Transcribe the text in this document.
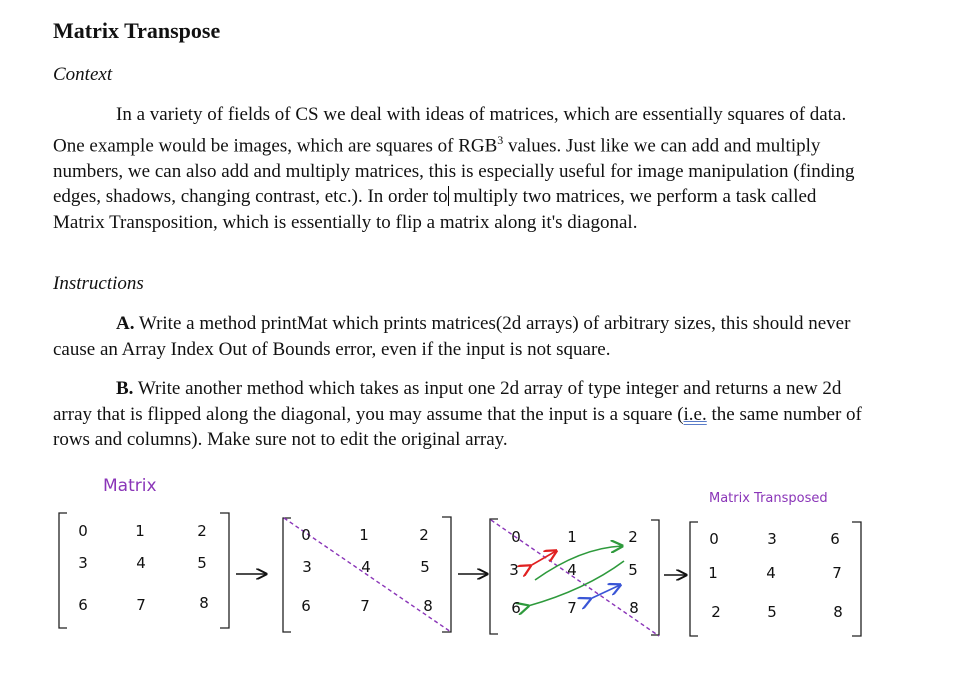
Matrix Transpose

Context

In a variety of fields of CS we deal with ideas of matrices, which are essentially squares of data. One example would be images, which are squares of RGB$^3$ values. Just like we can add and multiply numbers, we can also add and multiply matrices, this is especially useful for image manipulation (finding edges, shadows, changing contrast, etc.). In order to multiply two matrices, we perform a task called Matrix Transposition, which is essentially to flip a matrix along it's diagonal.

Instructions

A. Write a method printMat which prints matrices(2d arrays) of arbitrary sizes, this should never cause an Array Index Out of Bounds error, even if the input is not square.

B. Write another method which takes as input one 2d array of type integer and returns a new 2d array that is flipped along the diagonal, you may assume that the input is a square (i.e. the same number of rows and columns). Make sure not to edit the original array.

Matrix
Matrix Transposed
0	1	2
3	4	5
6	7	8
0	1	2
3	4	5
6	7	8
0	1	2
3	4	5
6	7	8
0	3	6
1	4	7
2	5	8
